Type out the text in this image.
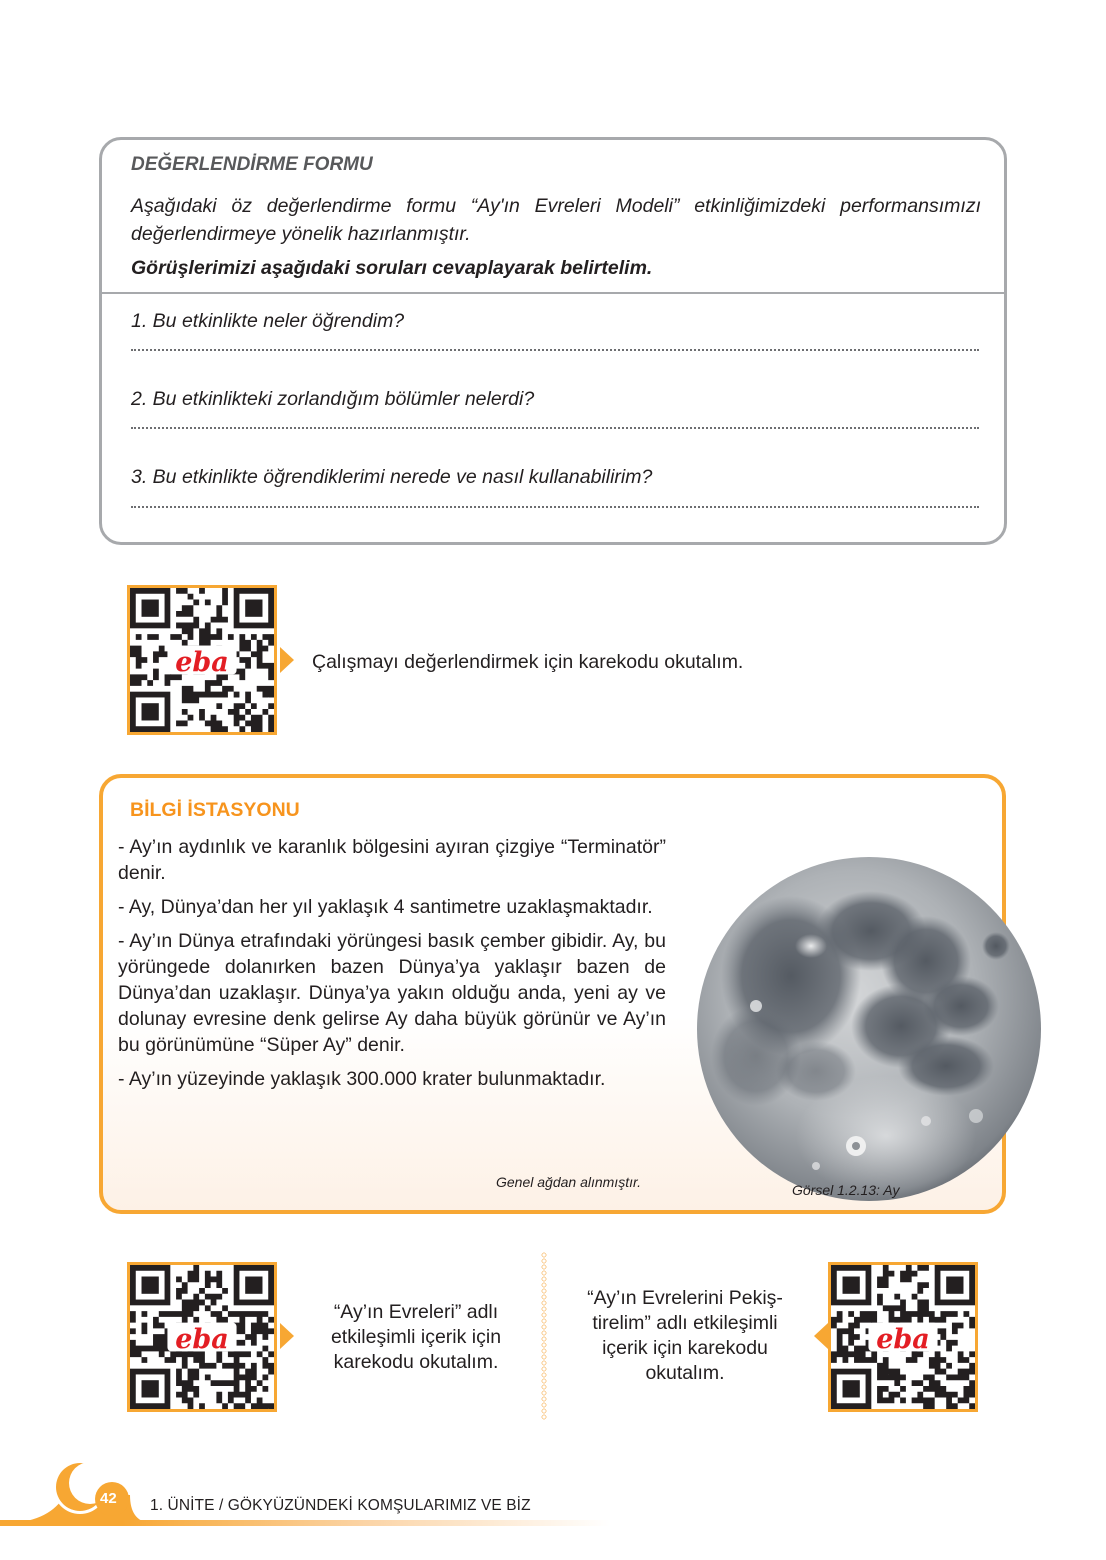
DEĞERLENDİRME FORMU
Aşağıdaki öz değerlendirme formu “Ay'ın Evreleri Modeli” etkinliğimizdeki performansımızı değerlendirmeye yönelik hazırlanmıştır.
Görüşlerimizi aşağıdaki soruları cevaplayarak belirtelim.
1. Bu etkinlikte neler öğrendim?
2. Bu etkinlikteki zorlandığım bölümler nelerdi?
3. Bu etkinlikte öğrendiklerimi nerede ve nasıl kullanabilirim?
eba	Çalışmayı değerlendirmek için karekodu okutalım.
BİLGİ İSTASYONU

- Ay’ın aydınlık ve karanlık bölgesini ayıran çizgiye “Terminatör” denir.

- Ay, Dünya’dan her yıl yaklaşık 4 santimetre uzaklaşmaktadır.

- Ay’ın Dünya etrafındaki yörüngesi basık çember gibidir. Ay, bu yörüngede dolanırken bazen Dünya’ya yaklaşır bazen de Dünya’dan uzaklaşır. Dünya’ya yakın olduğu anda, yeni ay ve dolunay evresine denk gelirse Ay daha büyük görünür ve Ay’ın bu görünümüne “Süper Ay” denir.

- Ay’ın yüzeyinde yaklaşık 300.000 krater bulunmaktadır.

Genel ağdan alınmıştır.	Görsel 1.2.13: Ay
eba
“Ay’ın Evreleri” adlı
etkileşimli içerik için
karekodu okutalım.
“Ay’ın Evrelerini Pekiş-
tirelim” adlı etkileşimli
içerik için karekodu
okutalım.
eba
42 1. ÜNİTE / GÖKYÜZÜNDEKİ KOMŞULARIMIZ VE BİZ
